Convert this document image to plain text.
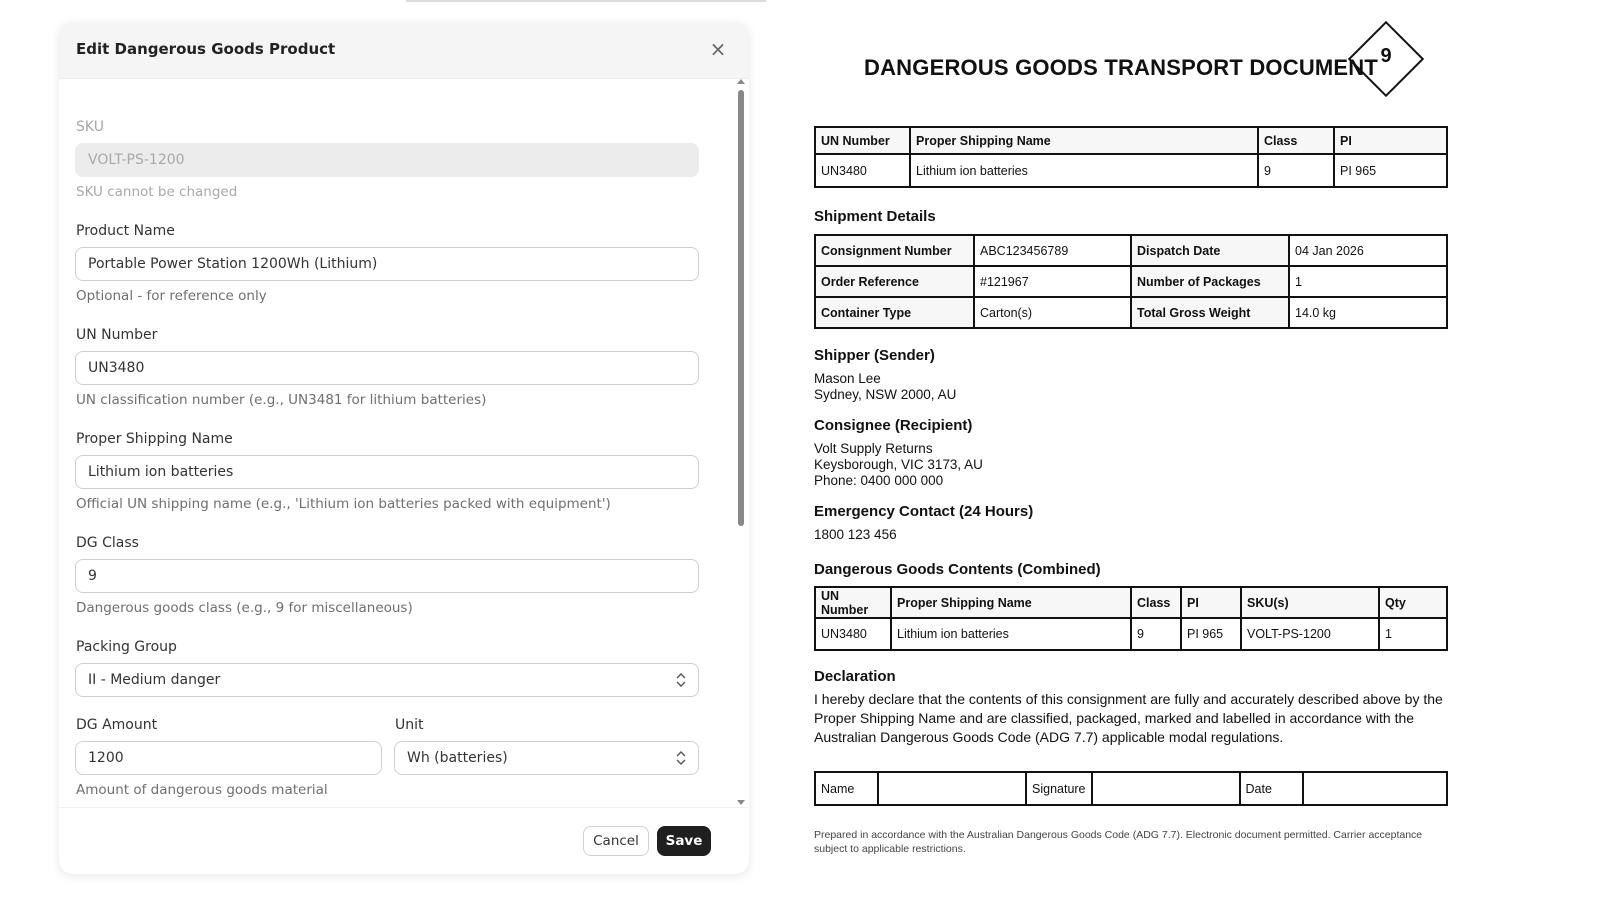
Edit Dangerous Goods Product	×
SKU
VOLT-PS-1200
SKU cannot be changed
Product Name
Portable Power Station 1200Wh (Lithium)
Optional - for reference only
UN Number
UN3480
UN classification number (e.g., UN3481 for lithium batteries)
Proper Shipping Name
Lithium ion batteries
Official UN shipping name (e.g., 'Lithium ion batteries packed with equipment')
DG Class
9
Dangerous goods class (e.g., 9 for miscellaneous)
Packing Group
II - Medium danger
DG Amount
1200
Unit
Wh (batteries)
Amount of dangerous goods material
Cancel	Save
DANGEROUS GOODS TRANSPORT DOCUMENT 9
UN Number	Proper Shipping Name	Class	PI
UN3480	Lithium ion batteries	9	PI 965
Shipment Details
Consignment Number	ABC123456789	Dispatch Date	04 Jan 2026
Order Reference	#121967	Number of Packages	1
Container Type	Carton(s)	Total Gross Weight	14.0 kg
Shipper (Sender)
Mason Lee
Sydney, NSW 2000, AU
Consignee (Recipient)
Volt Supply Returns
Keysborough, VIC 3173, AU
Phone: 0400 000 000
Emergency Contact (24 Hours)
1800 123 456
Dangerous Goods Contents (Combined)
UN Number	Proper Shipping Name	Class	PI	SKU(s)	Qty
UN3480	Lithium ion batteries	9	PI 965	VOLT-PS-1200	1
Declaration
I hereby declare that the contents of this consignment are fully and accurately described above by the Proper Shipping Name and are classified, packaged, marked and labelled in accordance with the Australian Dangerous Goods Code (ADG 7.7) applicable modal regulations.
Name		Signature		Date	
Prepared in accordance with the Australian Dangerous Goods Code (ADG 7.7). Electronic document permitted. Carrier acceptance subject to applicable restrictions.
